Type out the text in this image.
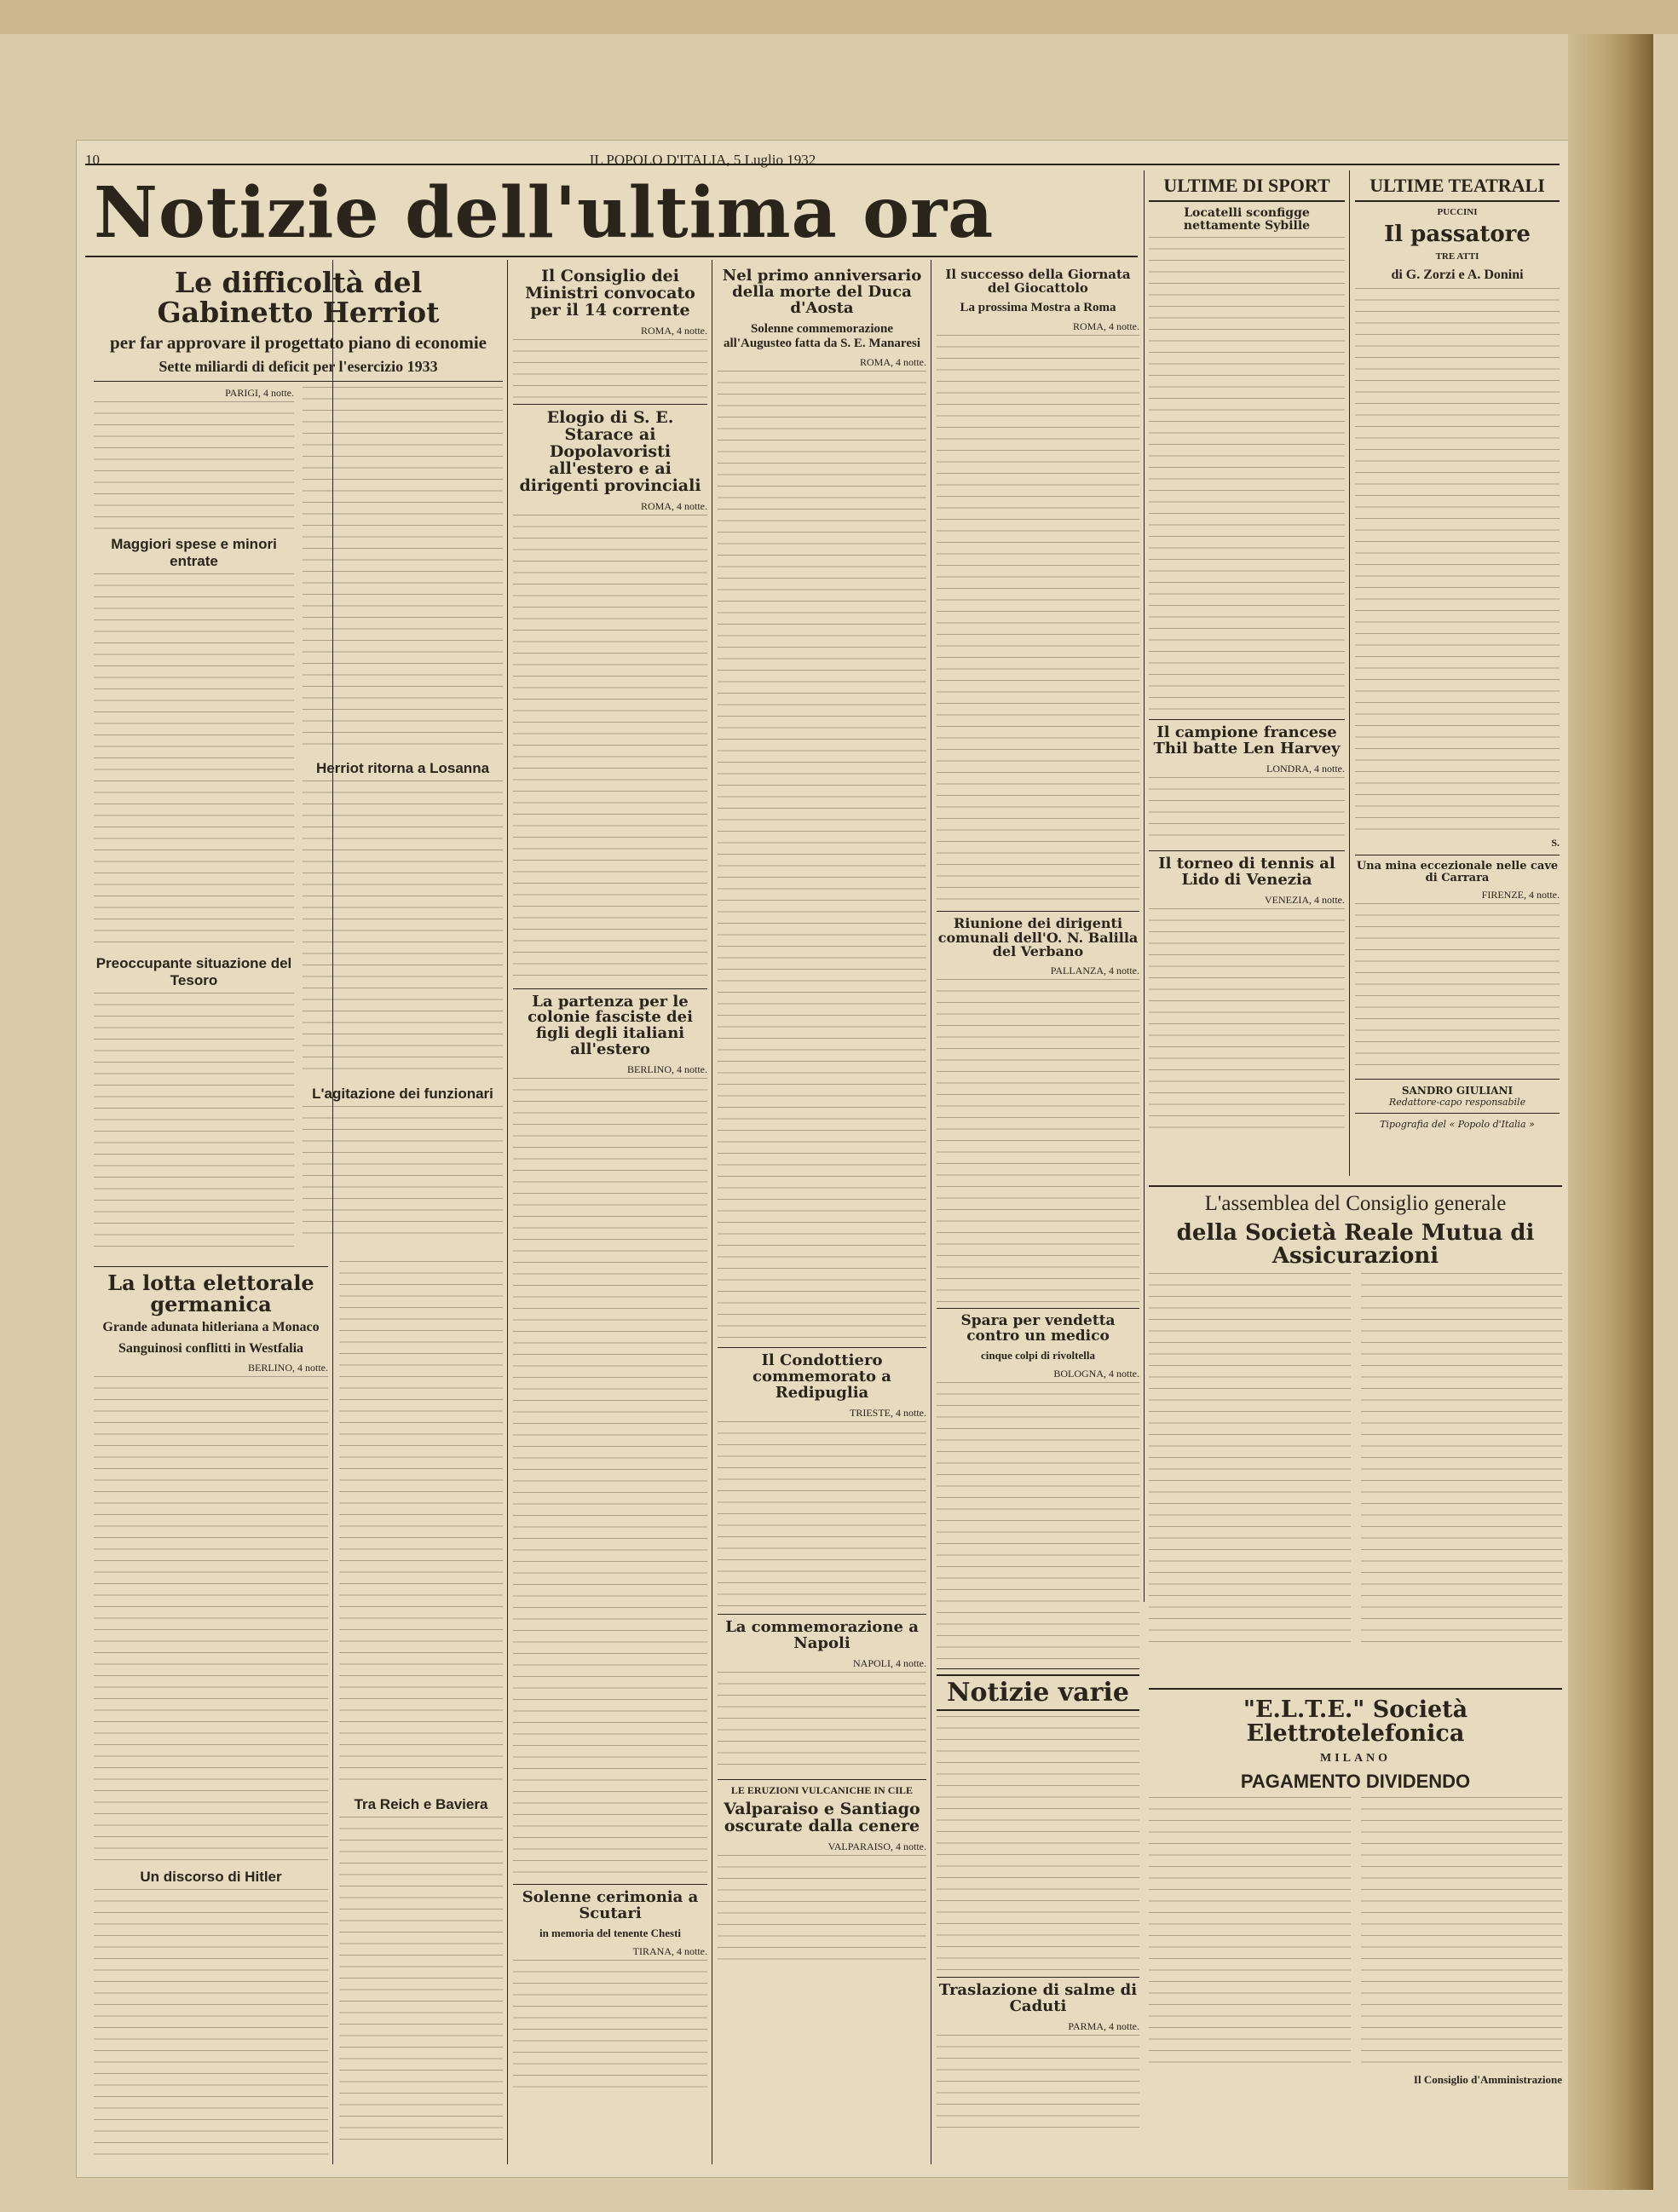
10	IL POPOLO D'ITALIA, 5 Luglio 1932
Notizie dell'ultima ora
Le difficoltà del Gabinetto Herriot
per far approvare il progettato piano di economie
Sette miliardi di deficit per l'esercizio 1933
PARIGI, 4 notte.
Maggiori spese e minori entrate
Preoccupante situazione del Tesoro
Herriot ritorna a Losanna
L'agitazione dei funzionari
La lotta elettorale germanica
Grande adunata hitleriana a Monaco
Sanguinosi conflitti in Westfalia
BERLINO, 4 notte.
Un discorso di Hitler
Tra Reich e Baviera
Il Consiglio dei Ministri convocato per il 14 corrente
ROMA, 4 notte.
Elogio di S. E. Starace ai Dopolavoristi all'estero e ai dirigenti provinciali
ROMA, 4 notte.
La partenza per le colonie fasciste dei figli degli italiani all'estero
BERLINO, 4 notte.
Solenne cerimonia a Scutari
in memoria del tenente Chesti
TIRANA, 4 notte.
Nel primo anniversario della morte del Duca d'Aosta
Solenne commemorazione all'Augusteo fatta da S. E. Manaresi
ROMA, 4 notte.
Il Condottiero commemorato a Redipuglia
TRIESTE, 4 notte.
La commemorazione a Napoli
NAPOLI, 4 notte.
LE ERUZIONI VULCANICHE IN CILE
Valparaiso e Santiago oscurate dalla cenere
VALPARAISO, 4 notte.
Il successo della Giornata del Giocattolo
La prossima Mostra a Roma
ROMA, 4 notte.
Riunione dei dirigenti comunali dell'O. N. Balilla del Verbano
PALLANZA, 4 notte.
Spara per vendetta contro un medico
cinque colpi di rivoltella
BOLOGNA, 4 notte.
Notizie varie
Traslazione di salme di Caduti
PARMA, 4 notte.
ULTIME DI SPORT
Locatelli sconfigge nettamente Sybille
Il campione francese Thil batte Len Harvey
LONDRA, 4 notte.
Il torneo di tennis al Lido di Venezia
VENEZIA, 4 notte.
ULTIME TEATRALI
PUCCINI
Il passatore
TRE ATTI
di G. Zorzi e A. Donini
S.
Una mina eccezionale nelle cave di Carrara
FIRENZE, 4 notte.
SANDRO GIULIANI
Redattore-capo responsabile
Tipografia del « Popolo d'Italia »
L'assemblea del Consiglio generale
della Società Reale Mutua di Assicurazioni
"E.L.T.E." Società Elettrotelefonica
MILANO
PAGAMENTO DIVIDENDO
Il Consiglio d'Amministrazione
